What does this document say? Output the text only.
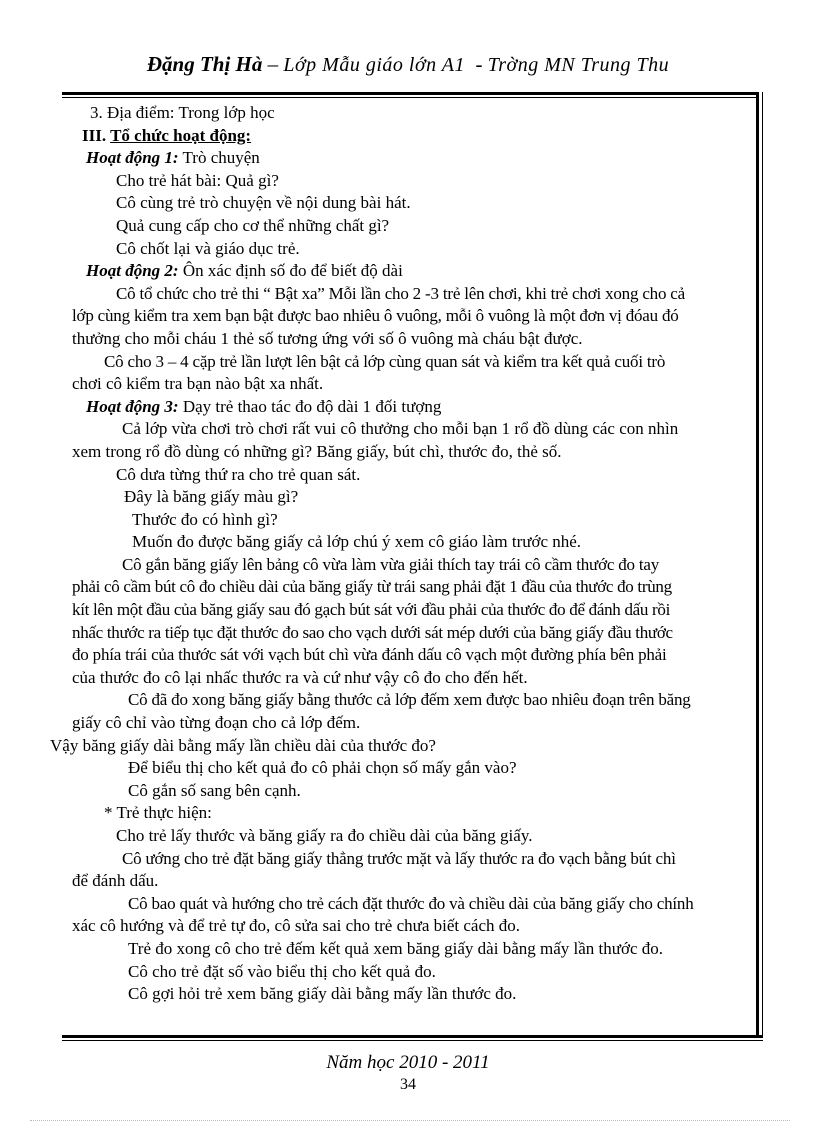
Đặng Thị Hà – Lớp Mẫu giáo lớn A1 - Trờng MN Trung Thu
3. Địa điểm: Trong lớp học
III. Tổ chức hoạt động:
Hoạt động 1: Trò chuyện
Cho trẻ hát bài: Quả gì?
Cô cùng trẻ trò chuyện về nội dung bài hát.
Quả cung cấp cho cơ thể những chất gì?
Cô chốt lại và giáo dục trẻ.
Hoạt động 2: Ôn xác định số đo để biết độ dài
Cô tổ chức cho trẻ thi “ Bật xa” Mỗi lần cho 2 -3 trẻ lên chơi, khi trẻ chơi xong cho cả
lớp cùng kiểm tra xem bạn bật được bao nhiêu ô vuông, mỗi ô vuông là một đơn vị đóau đó
thưởng cho mỗi cháu 1 thẻ số tương ứng với số ô vuông mà cháu bật được.
Cô cho 3 – 4 cặp trẻ lần lượt lên bật cả lớp cùng quan sát và kiểm tra kết quả cuối trò
chơi cô kiểm tra bạn nào bật xa nhất.
Hoạt động 3: Dạy trẻ thao tác đo độ dài 1 đối tượng
Cả lớp vừa chơi trò chơi rất vui cô thưởng cho mỗi bạn 1 rổ đồ dùng các con nhìn
xem trong rổ đồ dùng có những gì? Băng giấy, bút chì, thước đo, thẻ số.
Cô dưa từng thứ ra cho trẻ quan sát.
Đây là băng giấy màu gì?
Thước đo có hình gì?
Muốn đo được băng giấy cả lớp chú ý xem cô giáo làm trước nhé.
Cô gắn băng giấy lên bảng cô vừa làm vừa giải thích tay trái cô cầm thước đo tay
phải cô cầm bút cô đo chiều dài của băng giấy từ trái sang phải đặt 1 đầu của thước đo trùng
kít lên một đầu của băng giấy sau đó gạch bút sát với đầu phải của thước đo để đánh dấu rồi
nhấc thước ra tiếp tục đặt thước đo sao cho vạch dưới sát mép dưới của băng giấy đầu thước
đo phía trái của thước sát với vạch bút chì vừa đánh dấu cô vạch một đường phía bên phải
của thước đo cô lại nhấc thước ra và cứ như vậy cô đo cho đến hết.
Cô đã đo xong băng giấy bằng thước cả lớp đếm xem được bao nhiêu đoạn trên băng
giấy cô chỉ vào từng đoạn cho cả lớp đếm.
Vậy băng giấy dài bằng mấy lần chiều dài của thước đo?
Để biểu thị cho kết quả đo cô phải chọn số mấy gắn vào?
Cô gắn số sang bên cạnh.
* Trẻ thực hiện:
Cho trẻ lấy thước và băng giấy ra đo chiều dài của băng giấy.
Cô ướng cho trẻ đặt băng giấy thẳng trước mặt và lấy thước ra đo vạch bằng bút chì
để đánh dấu.
Cô bao quát và hướng cho trẻ cách đặt thước đo và chiều dài của băng giấy cho chính
xác cô hướng và để trẻ tự đo, cô sửa sai cho trẻ chưa biết cách đo.
Trẻ đo xong cô cho trẻ đếm kết quả xem băng giấy dài bằng mấy lần thước đo.
Cô cho trẻ đặt số vào biểu thị cho kết quả đo.
Cô gợi hỏi trẻ xem băng giấy dài bằng mấy lần thước đo.
Năm học 2010 - 2011
34
